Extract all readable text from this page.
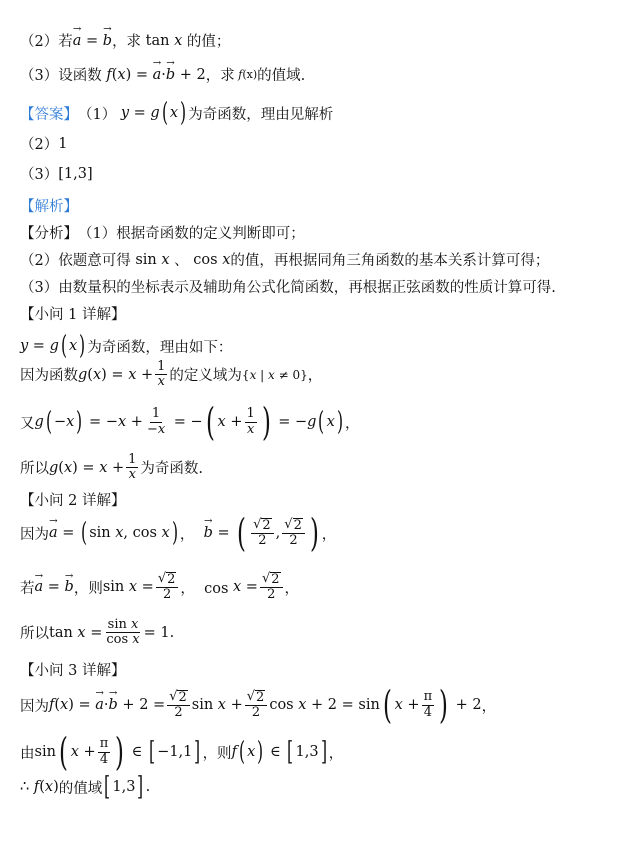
（2） 若 → a = → b ，求 tan x
的值；
（3） 设函数 f ( x ) = → a · → b + 2 ，求 f (x) 的值域.
【答案】 （1）
y = g ( x ) 为奇函数，理由见解析
（2） 1
（3） [1,3]
【解析】
【分析】 （1）根据奇函数的定义判断即可；
（2）依题意可得 sin x
、 cos x 的值，再根据同角三角函数的基本关系计算可得；
（3）由数量积的坐标表示及辅助角公式化简函数，再根据正弦函数的性质计算可得.
【小问 1 详解】
y = g ( x ) 为奇函数，理由如下：
因为函数 g ( x ) = $x + \frac{1}{x}$ 的定义域为 {x | x ≠ 0} ，
又 g ( − x ) = − $x + \frac{1}{-x}$ = − ( $x + \frac{1}{x}$ ) = − g ( x ) ，
所以 g ( x ) = $x + \frac{1}{x}$ 为奇函数.
【小问 2 详解】
因为 → a = ( sin x , cos x ) ， → b = ( $\frac{√ 2}{2}$ , $\frac{√ 2}{2}$ ) ，
若 → a = → b ，则 $\sin x = \frac{√ 2}{2}$ ，  $\cos x = \frac{√ 2}{2}$ ，
所以 $\tan x = \frac{\text{sin x}}{\text{cos x}} = 1$ .
【小问 3 详解】
因为 f ( x ) = → a · → $b + 2 = \frac{√ 2}{2}$ $\sin x + \frac{√ 2}{2}$ cos x + 2 = sin ( $x + \frac{\pi}{4}$ ) + 2 ，
由 sin ( $x + \frac{\pi}{4}$ ) ∈ [ −1,1 ] ，则 f ( x ) ∈ [ 1,3 ] ，
∴
f ( x ) 的值域 [ 1,3 ] .
